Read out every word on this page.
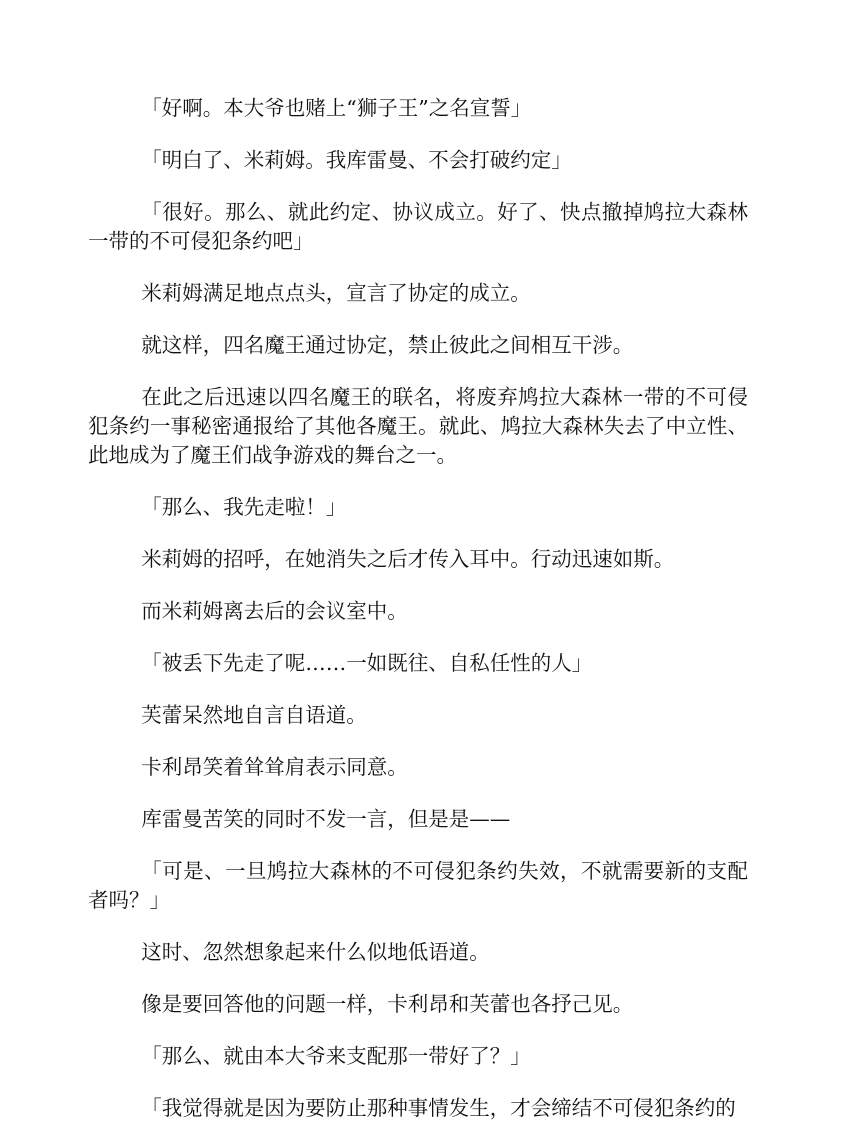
「好啊。本大爷也赌上“狮子王”之名宣誓」

「明白了、米莉姆。我库雷曼、不会打破约定」

「很好。那么、就此约定、协议成立。好了、快点撤掉鸠拉大森林一带的不可侵犯条约吧」

米莉姆满足地点点头，宣言了协定的成立。

就这样，四名魔王通过协定，禁止彼此之间相互干涉。

在此之后迅速以四名魔王的联名，将废弃鸠拉大森林一带的不可侵犯条约一事秘密通报给了其他各魔王。就此、鸠拉大森林失去了中立性、此地成为了魔王们战争游戏的舞台之一。

「那么、我先走啦！」

米莉姆的招呼，在她消失之后才传入耳中。行动迅速如斯。

而米莉姆离去后的会议室中。

「被丢下先走了呢……一如既往、自私任性的人」

芙蕾呆然地自言自语道。

卡利昂笑着耸耸肩表示同意。

库雷曼苦笑的同时不发一言，但是是——

「可是、一旦鸠拉大森林的不可侵犯条约失效，不就需要新的支配者吗？」

这时、忽然想象起来什么似地低语道。

像是要回答他的问题一样，卡利昂和芙蕾也各抒己见。

「那么、就由本大爷来支配那一带好了？」

「我觉得就是因为要防止那种事情发生，才会缔结不可侵犯条约的
